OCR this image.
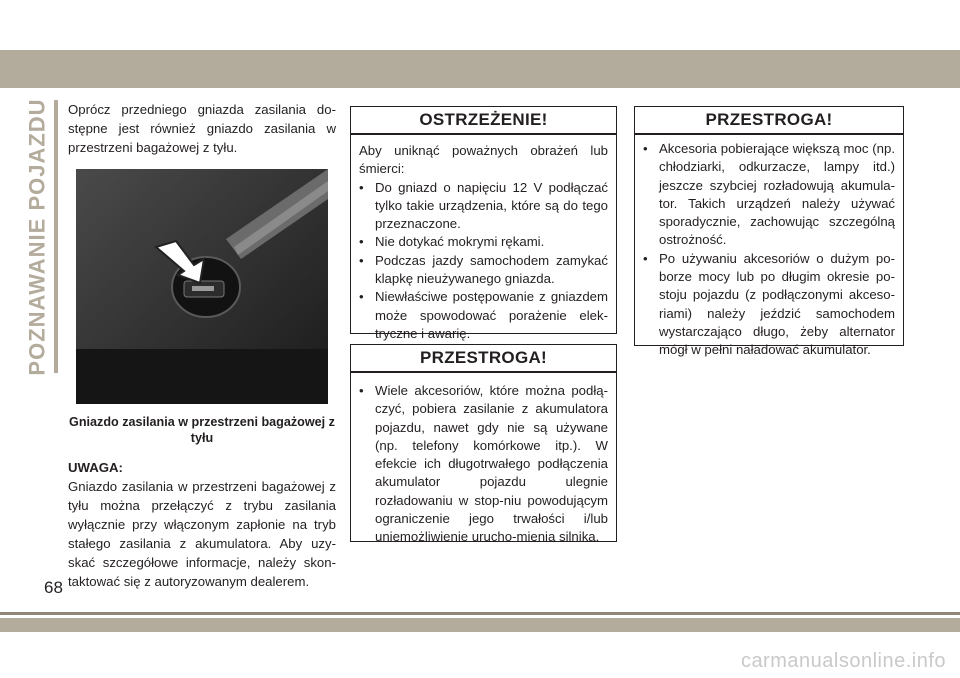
POZNAWANIE POJAZDU Oprócz przedniego gniazda zasilania do-stępne jest również gniazdo zasilania w przestrzeni bagażowej z tyłu.

Gniazdo zasilania w przestrzeni bagażowej z tyłu

UWAGA:

Gniazdo zasilania w przestrzeni bagażowej z tyłu można przełączyć z trybu zasilania wyłącznie przy włączonym zapłonie na tryb stałego zasilania z akumulatora. Aby uzy-skać szczegółowe informacje, należy skon-taktować się z autoryzowanym dealerem.

OSTRZEŻENIE!

Aby uniknąć poważnych obrażeń lub śmierci:

• Do gniazd o napięciu 12 V podłączać tylko takie urządzenia, które są do tego przeznaczone.
• Nie dotykać mokrymi rękami.
• Podczas jazdy samochodem zamykać klapkę nieużywanego gniazda.
• Niewłaściwe postępowanie z gniazdem może spowodować porażenie elek-tryczne i awarię.
PRZESTROGA!
• Wiele akcesoriów, które można podłą-czyć, pobiera zasilanie z akumulatora pojazdu, nawet gdy nie są używane (np. telefony komórkowe itp.). W efekcie ich długotrwałego podłączenia akumulator pojazdu ulegnie rozładowaniu w stop-niu powodującym ograniczenie jego trwałości i/lub uniemożliwienie urucho-mienia silnika.
PRZESTROGA!
• Akcesoria pobierające większą moc (np. chłodziarki, odkurzacze, lampy itd.) jeszcze szybciej rozładowują akumula-tor. Takich urządzeń należy używać sporadycznie, zachowując szczególną ostrożność.
• Po używaniu akcesoriów o dużym po-borze mocy lub po długim okresie po-stoju pojazdu (z podłączonymi akceso-riami) należy jeździć samochodem wystarczająco długo, żeby alternator mógł w pełni naładować akumulator.
68
carmanualsonline.info
